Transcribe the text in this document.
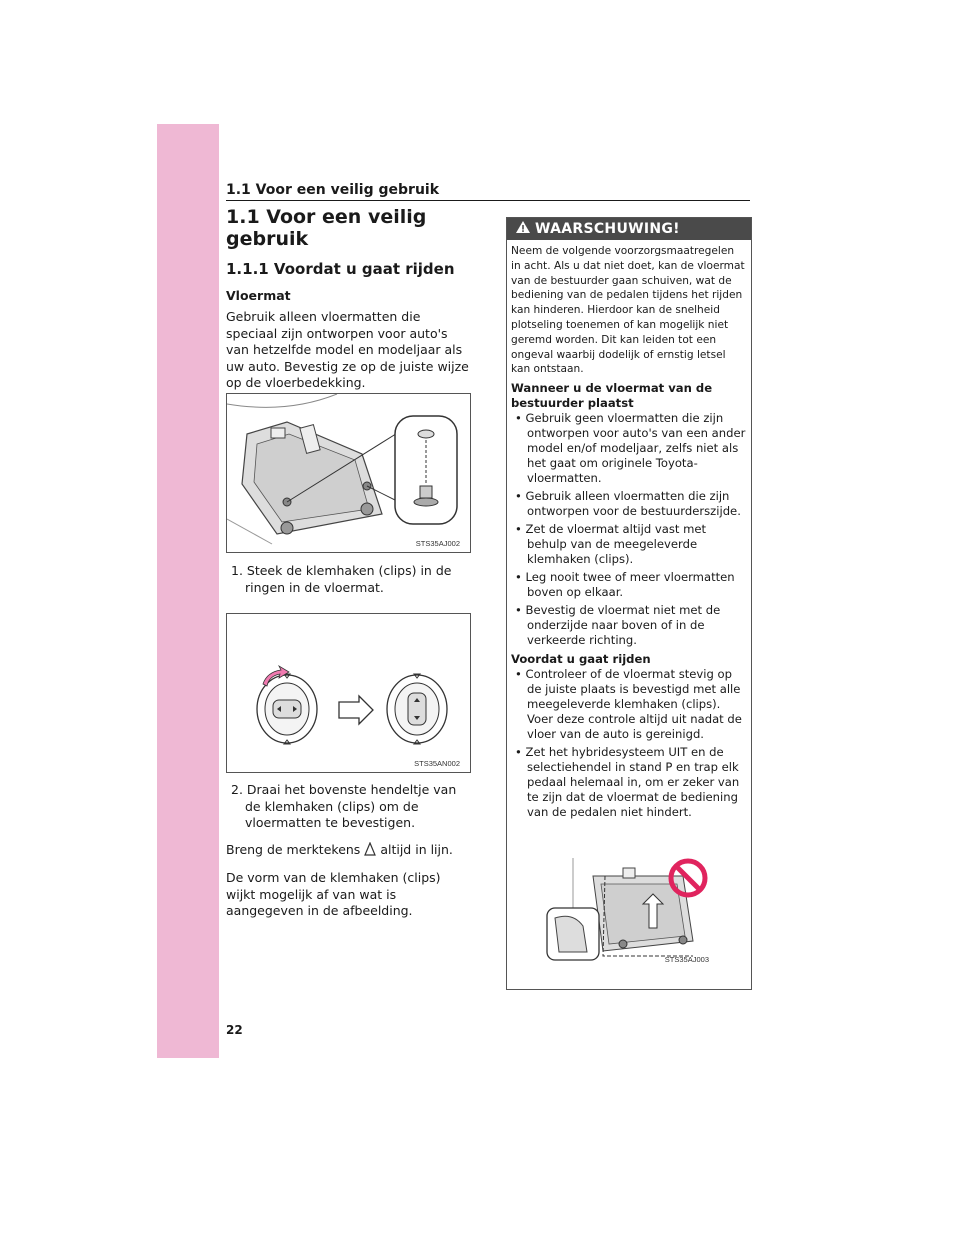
1.1 Voor een veilig gebruik
22

1.1 Voor een veilig gebruik

1.1.1 Voordat u gaat rijden

Vloermat

Gebruik alleen vloermatten die speciaal zijn ontworpen voor auto's van hetzelfde model en modeljaar als uw auto. Bevestig ze op de juiste wijze op de vloerbedekking.

STS35AJ002

1. Steek de klemhaken (clips) in de ringen in de vloermat.

STS35AN002

2. Draai het bovenste hendeltje van de klemhaken (clips) om de vloermatten te bevestigen.

Breng de merktekens altijd in lijn.

De vorm van de klemhaken (clips) wijkt mogelijk af van wat is aangegeven in de afbeelding.

WAARSCHUWING!

Neem de volgende voorzorgsmaatregelen in acht. Als u dat niet doet, kan de vloermat van de bestuurder gaan schuiven, wat de bediening van de pedalen tijdens het rijden kan hinderen. Hierdoor kan de snelheid plotseling toenemen of kan mogelijk niet geremd worden. Dit kan leiden tot een ongeval waarbij dodelijk of ernstig letsel kan ontstaan.

Wanneer u de vloermat van de bestuurder plaatst

• Gebruik geen vloermatten die zijn ontworpen voor auto's van een ander model en/of modeljaar, zelfs niet als het gaat om originele Toyota-vloermatten.

• Gebruik alleen vloermatten die zijn ontworpen voor de bestuurderszijde.

• Zet de vloermat altijd vast met behulp van de meegeleverde klemhaken (clips).

• Leg nooit twee of meer vloermatten boven op elkaar.

• Bevestig de vloermat niet met de onderzijde naar boven of in de verkeerde richting.

Voordat u gaat rijden

• Controleer of de vloermat stevig op de juiste plaats is bevestigd met alle meegeleverde klemhaken (clips). Voer deze controle altijd uit nadat de vloer van de auto is gereinigd.

• Zet het hybridesysteem UIT en de selectiehendel in stand P en trap elk pedaal helemaal in, om er zeker van te zijn dat de vloermat de bediening van de pedalen niet hindert.

STS35AJ003
